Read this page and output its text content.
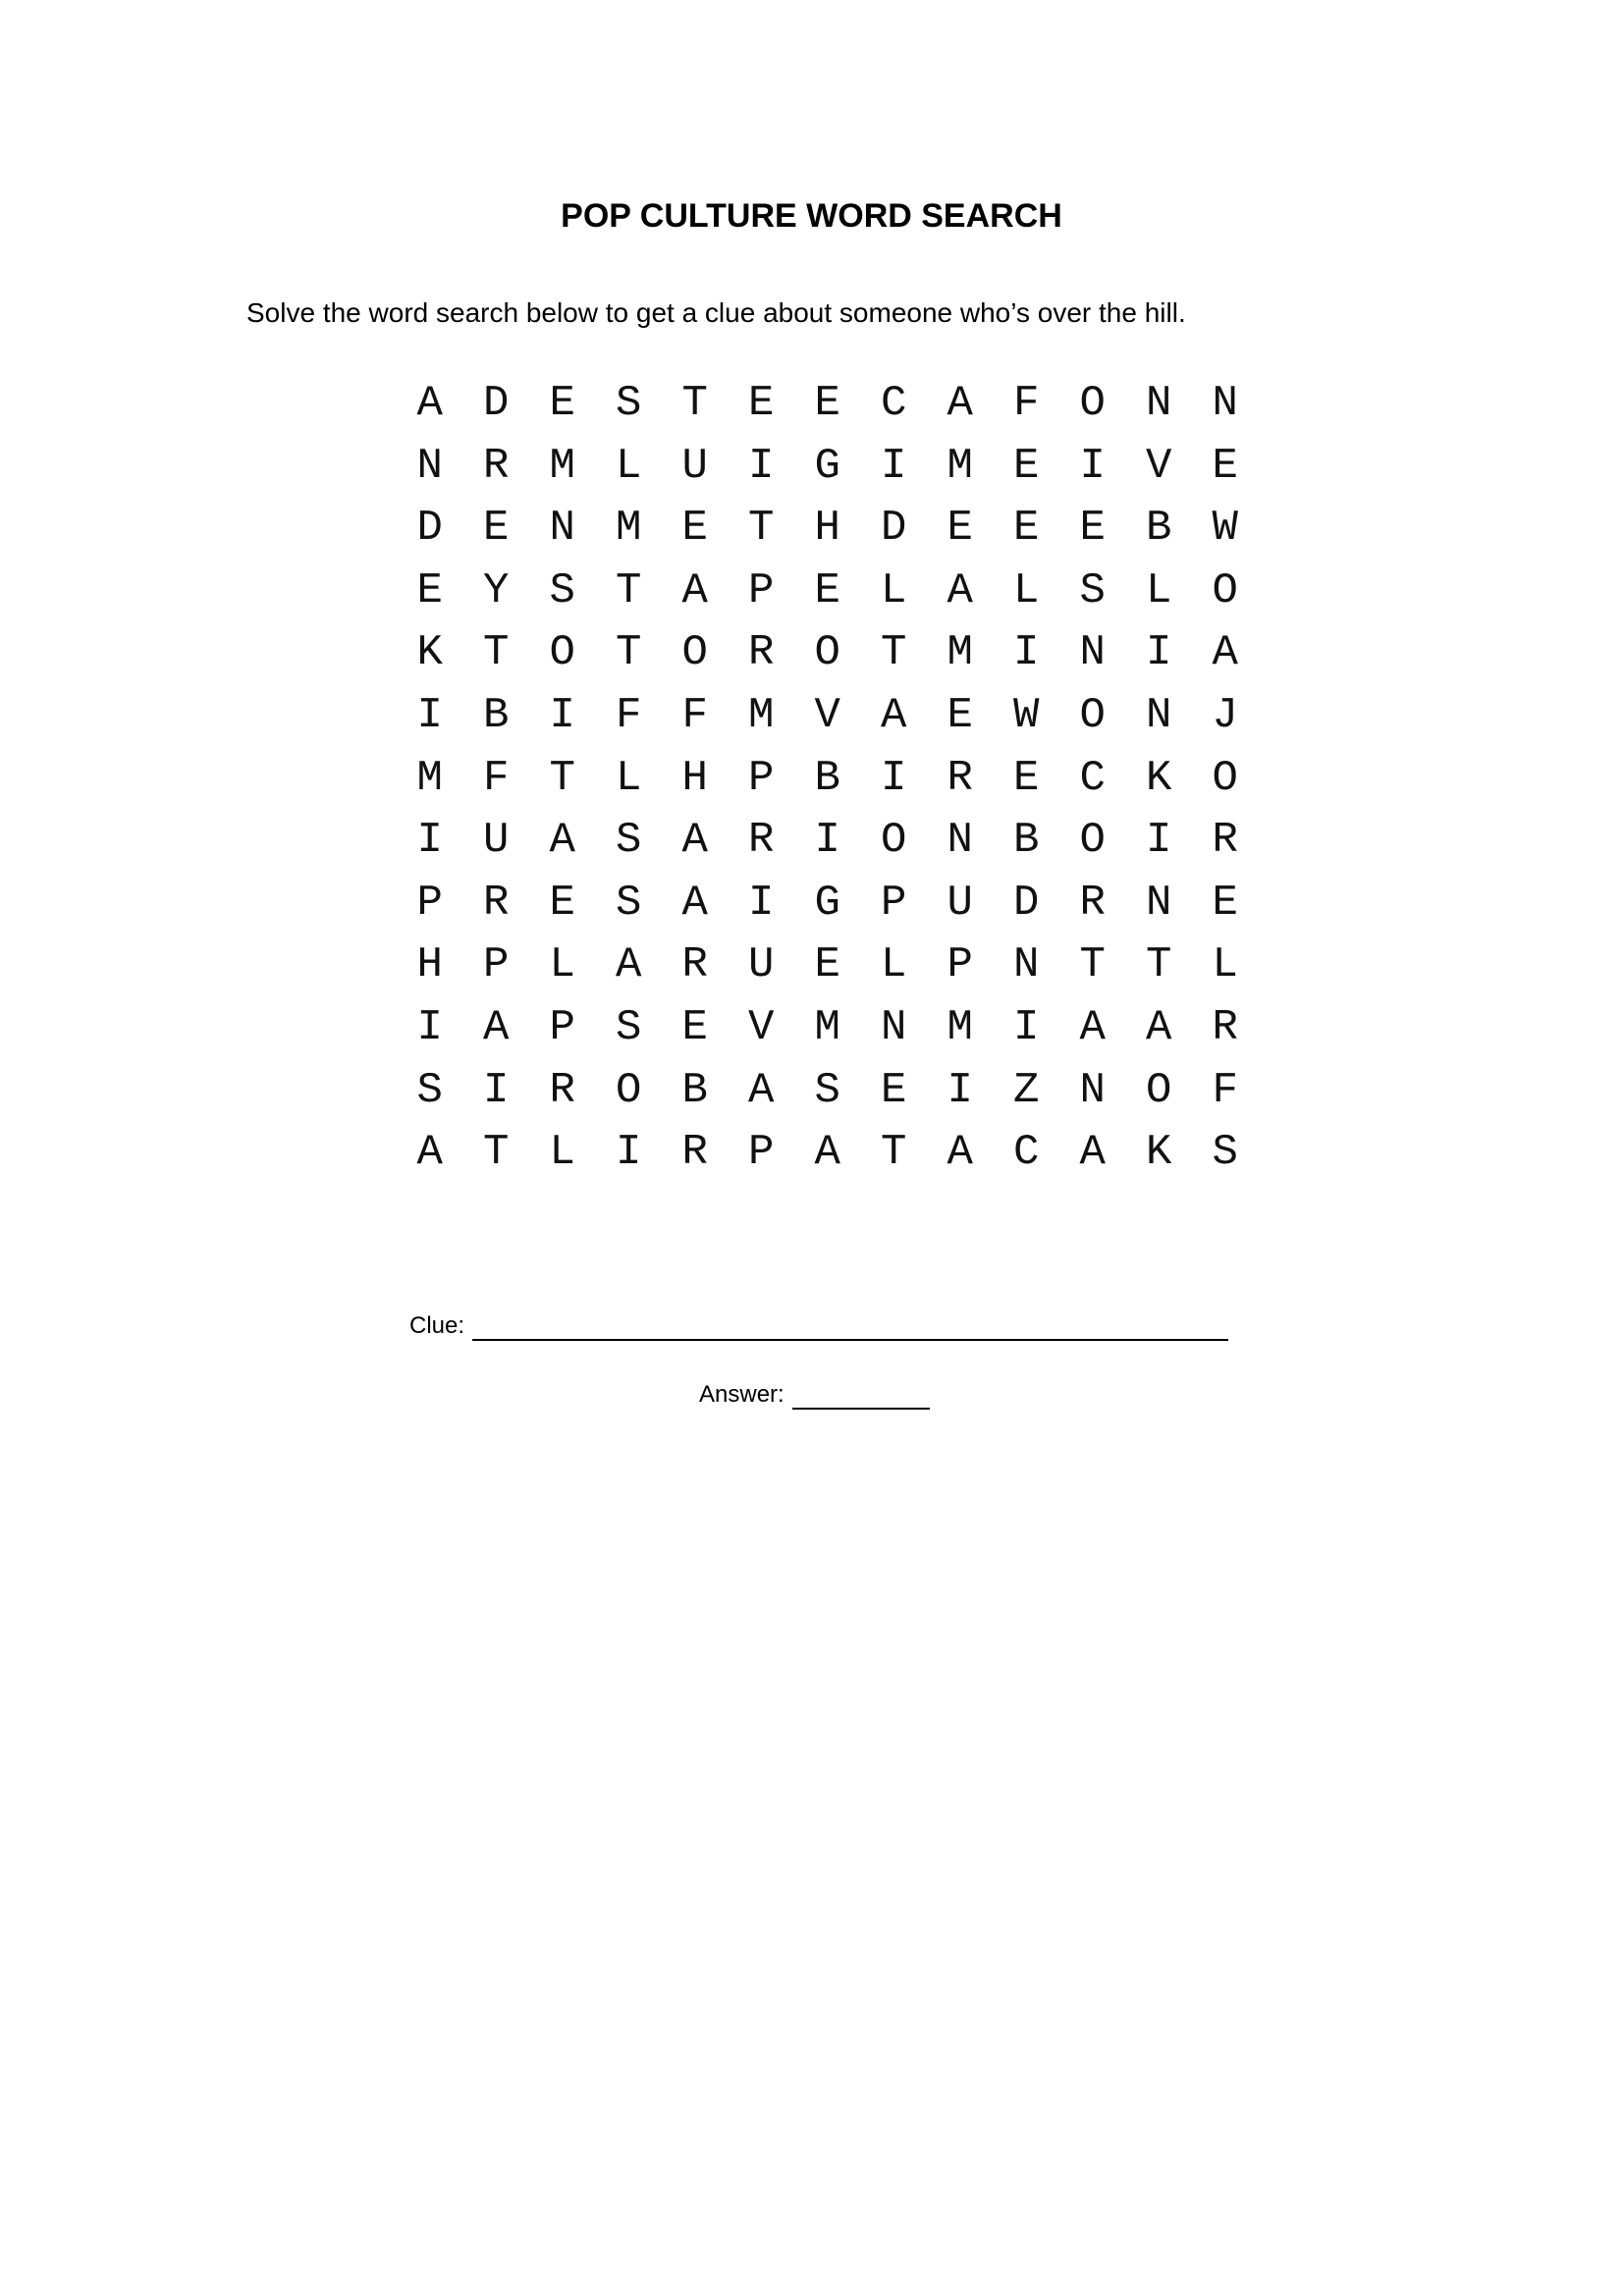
POP CULTURE WORD SEARCH
Solve the word search below to get a clue about someone who’s over the hill.
A D E S T E E C A F O N N
N R M L U I G I M E I V E
D E N M E T H D E E E B W
E Y S T A P E L A L S L O
K T O T O R O T M I N I A
I B I F F M V A E W O N J
M F T L H P B I R E C K O
I U A S A R I O N B O I R
P R E S A I G P U D R N E
H P L A R U E L P N T T L
I A P S E V M N M I A A R
S I R O B A S E I Z N O F
A T L I R P A T A C A K S
Clue:
Answer:
